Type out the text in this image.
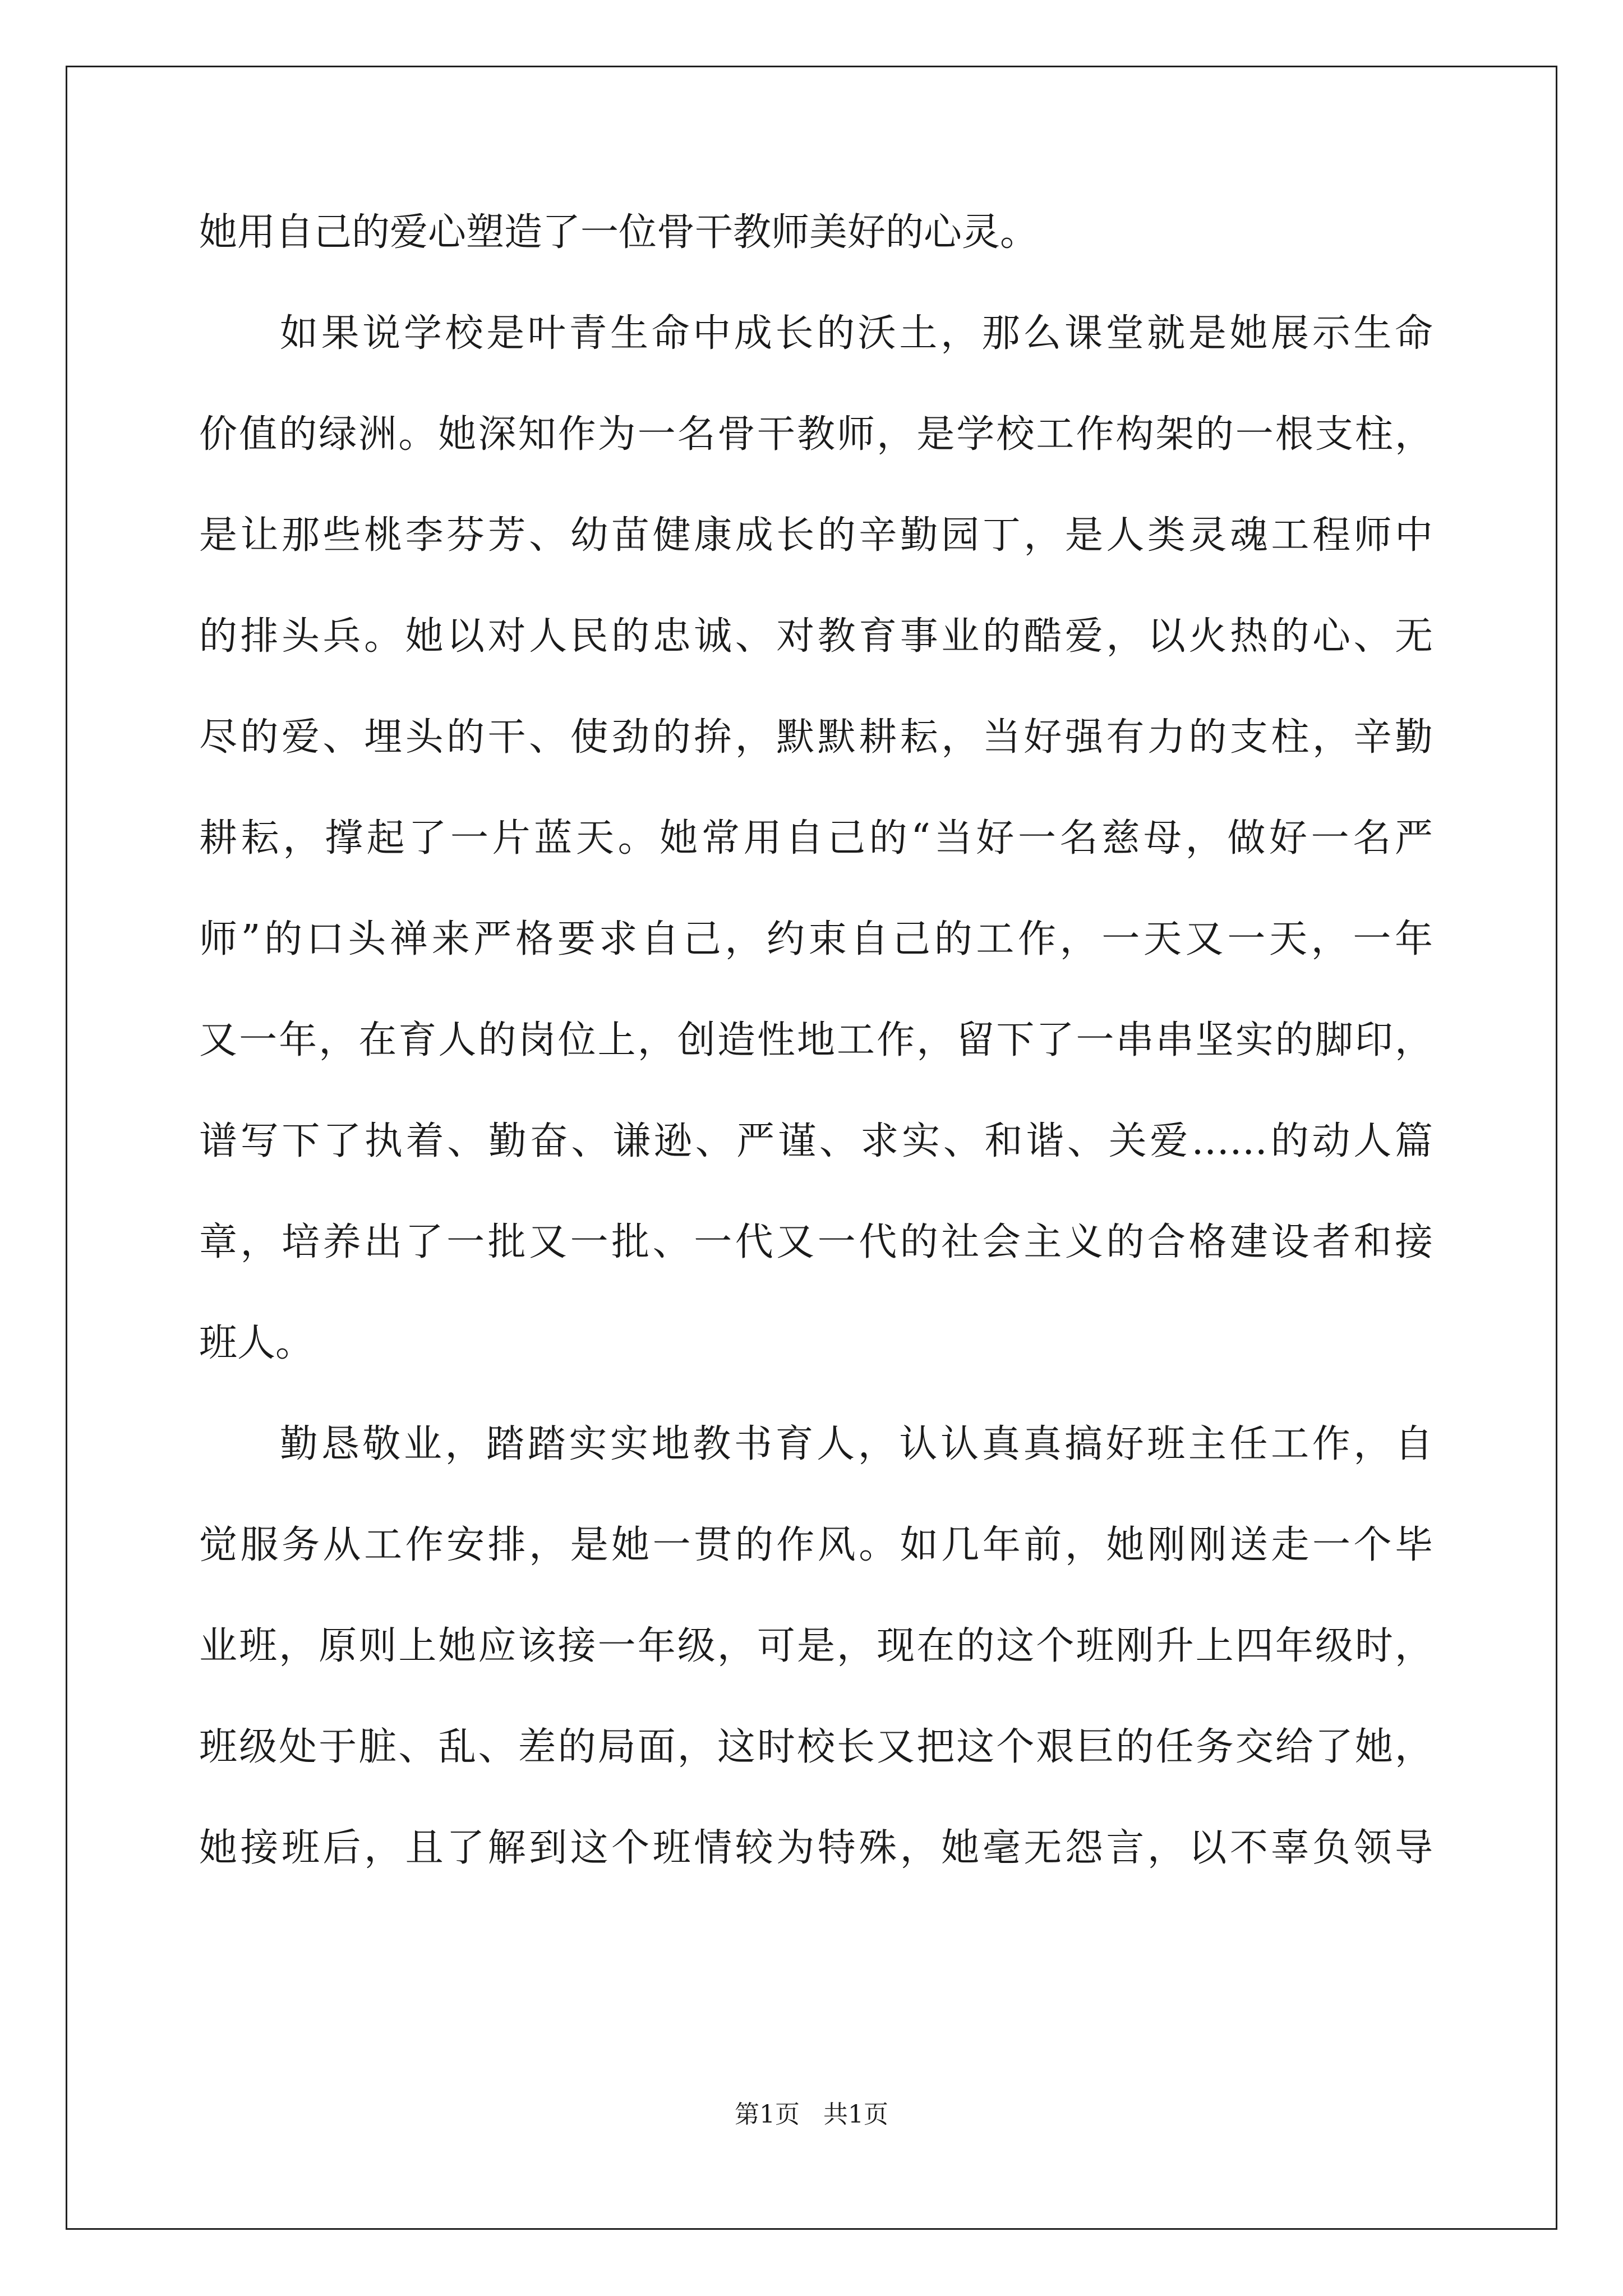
她用自己的爱心塑造了一位骨干教师美好的心灵。
如果说学校是叶青生命中成长的沃土，那么课堂就是她展示生命
价值的绿洲。她深知作为一名骨干教师，是学校工作构架的一根支柱，
是让那些桃李芬芳、幼苗健康成长的辛勤园丁，是人类灵魂工程师中
的排头兵。她以对人民的忠诚、对教育事业的酷爱，以火热的心、无
尽的爱、埋头的干、使劲的拚，默默耕耘，当好强有力的支柱，辛勤
耕耘，撑起了一片蓝天。她常用自己的“当好一名慈母，做好一名严
师”的口头禅来严格要求自己，约束自己的工作，一天又一天，一年
又一年，在育人的岗位上，创造性地工作，留下了一串串坚实的脚印，
谱写下了执着、勤奋、谦逊、严谨、求实、和谐、关爱……的动人篇
章，培养出了一批又一批、一代又一代的社会主义的合格建设者和接
班人。
勤恳敬业，踏踏实实地教书育人，认认真真搞好班主任工作，自
觉服务从工作安排，是她一贯的作风。如几年前，她刚刚送走一个毕
业班，原则上她应该接一年级，可是，现在的这个班刚升上四年级时，
班级处于脏、乱、差的局面，这时校长又把这个艰巨的任务交给了她，
她接班后，且了解到这个班情较为特殊，她毫无怨言，以不辜负领导
第1页   共1页
